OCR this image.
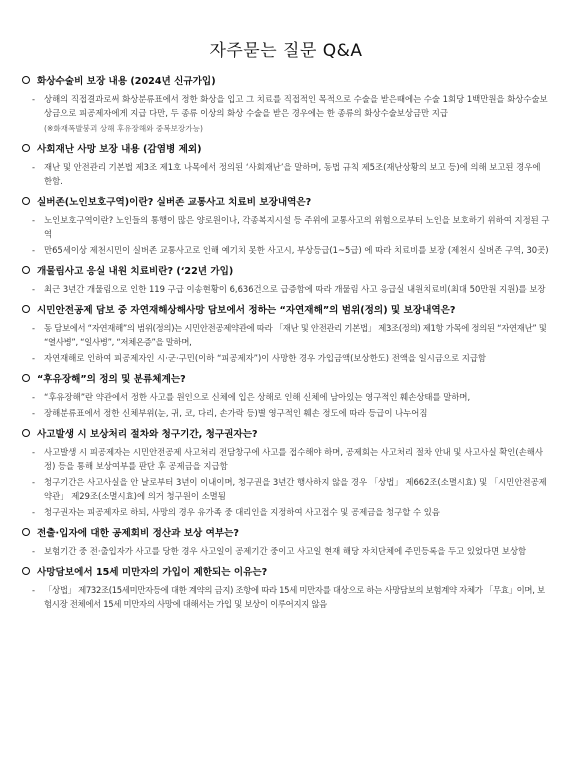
자주묻는 질문 Q&A
화상수술비 보장 내용 (2024년 신규가입)
-	상해의 직접결과로써 화상분류표에서 정한 화상을 입고 그 치료를 직접적인 목적으로 수술을 받은때에는 수술 1회당 1백만원을 화상수술보상금으로 피공제자에게 지급 다만, 두 종류 이상의 화상 수술을 받은 경우에는 한 종류의 화상수술보상금만 지급
(※화재폭발붕괴 상해 후유장해와 중복보장가능)
사회재난 사망 보장 내용 (감염병 제외)
-	재난 및 안전관리 기본법 제3조 제1호 나목에서 정의된 ‘사회재난’을 말하며, 동법 규칙 제5조(재난상황의 보고 등)에 의해 보고된 경우에 한함.
실버존(노인보호구역)이란? 실버존 교통사고 치료비 보장내역은?
-	노인보호구역이란? 노인들의 통행이 많은 양로원이나, 각종복지시설 등 주위에 교통사고의 위험으로부터 노인을 보호하기 위하여 지정된 구역
-	만65세이상 제천시민이 실버존 교통사고로 인해 예기치 못한 사고시, 부상등급(1~5급) 에 따라 치료비를 보장 (제천시 실버존 구역, 30곳)
개물림사고 응실 내원 치료비란? (‘22년 가입)
-	최근 3년간 개물림으로 인한 119 구급 이송현황이 6,636건으로 급증함에 따라 개물림 사고 응급실 내원치료비(최대 50만원 지원)를 보장
시민안전공제 담보 중 자연재해상해사망 담보에서 정하는 “자연재해”의 범위(정의) 및 보장내역은?
-	동 담보에서 “자연재해”의 범위(정의)는 시민안전공제약관에 따라 「재난 및 안전관리 기본법」 제3조(정의) 제1항 가목에 정의된 “자연재난” 및 “열사병”, “일사병”, “저체온증”을 말하며,
-	자연재해로 인하여 피공제자인 시·군·구민(이하 “피공제자”)이 사망한 경우 가입금액(보상한도) 전액을 일시금으로 지급함
“후유장해”의 정의 및 분류체계는?
-	“후유장해”란 약관에서 정한 사고를 원인으로 신체에 입은 상해로 인해 신체에 남아있는 영구적인 훼손상태를 말하며,
-	장해분류표에서 정한 신체부위(눈, 귀, 코, 다리, 손가락 등)별 영구적인 훼손 정도에 따라 등급이 나누어짐
사고발생 시 보상처리 절차와 청구기간, 청구권자는?
-	사고발생 시 피공제자는 시민안전공제 사고처리 전담창구에 사고를 접수해야 하며, 공제회는 사고처리 절차 안내 및 사고사실 확인(손해사정) 등을 통해 보상여부를 판단 후 공제금을 지급함
-	청구기간은 사고사실을 안 날로부터 3년이 이내이며, 청구권을 3년간 행사하지 않을 경우 「상법」 제662조(소멸시효) 및 「시민안전공제 약관」 제29조(소멸시효)에 의거 청구원이 소멸됨
-	청구권자는 피공제자로 하되, 사망의 경우 유가족 중 대리인을 지정하여 사고접수 및 공제금을 청구할 수 있음
전출·입자에 대한 공제회비 정산과 보상 여부는?
-	보험기간 중 전·출입자가 사고를 당한 경우 사고일이 공제기간 중이고 사고일 현재 해당 자치단체에 주민등록을 두고 있었다면 보상함
사망담보에서 15세 미만자의 가입이 제한되는 이유는?
-	「상법」 제732조(15세미만자등에 대한 계약의 금지) 조항에 따라 15세 미만자를 대상으로 하는 사망담보의 보험계약 자체가 「무효」이며, 보험시장 전체에서 15세 미만자의 사망에 대해서는 가입 및 보상이 이루어지지 않음
